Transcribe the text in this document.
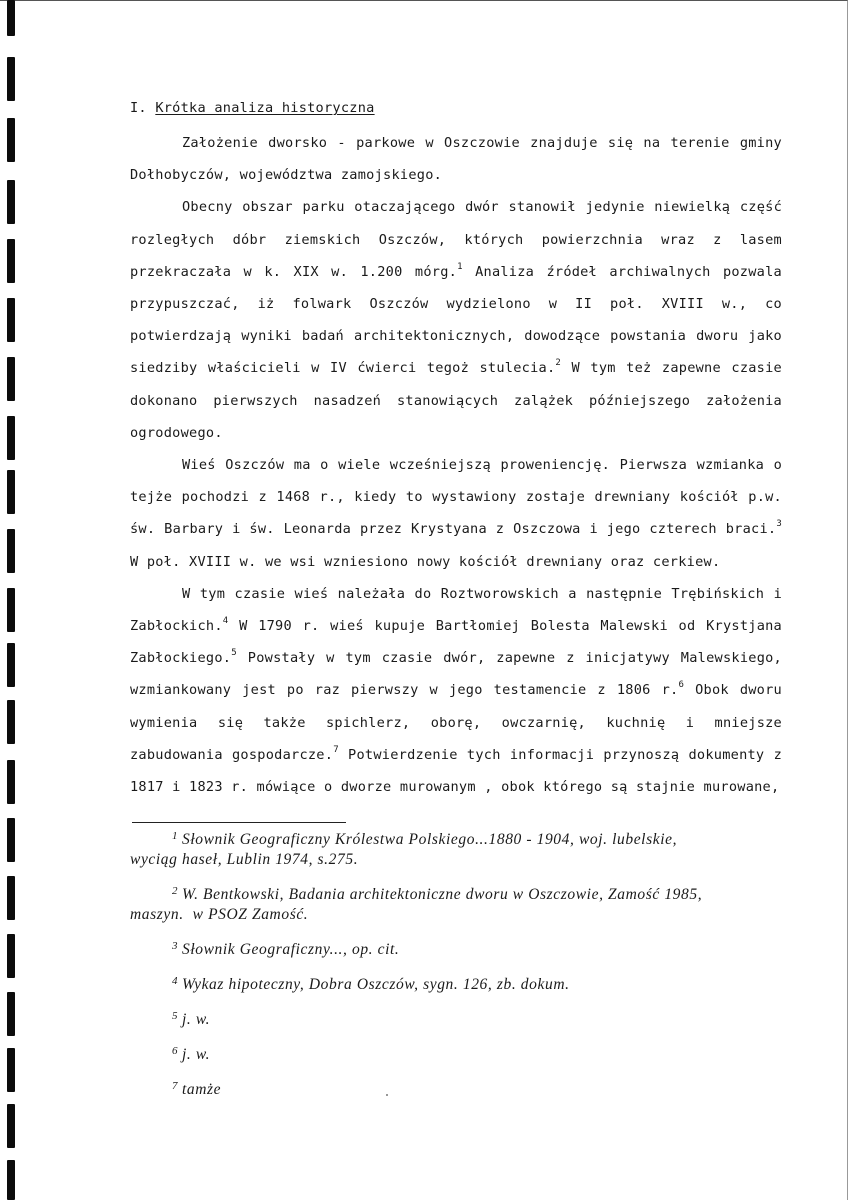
I. Krótka analiza historyczna

Założenie dworsko - parkowe w Oszczowie znajduje się na terenie gminy Dołhobyczów, województwa zamojskiego.

Obecny obszar parku otaczającego dwór stanowił jedynie niewielką część rozległych dóbr ziemskich Oszczów, których powierzchnia wraz z lasem przekraczała w k. XIX w. 1.200 mórg.$^1$ Analiza źródeł archiwalnych pozwala przypuszczać, iż folwark Oszczów wydzielono w II poł. XVIII w., co potwierdzają wyniki badań architektonicznych, dowodzące powstania dworu jako siedziby właścicieli w IV ćwierci tegoż stulecia.$^2$ W tym też zapewne czasie dokonano pierwszych nasadzeń stanowiących zalążek późniejszego założenia ogrodowego.

Wieś Oszczów ma o wiele wcześniejszą proweniencję. Pierwsza wzmianka o tejże pochodzi z 1468 r., kiedy to wystawiony zostaje drewniany kościół p.w. św. Barbary i św. Leonarda przez Krystyana z Oszczowa i jego czterech braci.$^3$ W poł. XVIII w. we wsi wzniesiono nowy kościół drewniany oraz cerkiew.

W tym czasie wieś należała do Roztworowskich a następnie Trębińskich i Zabłockich.$^4$ W 1790 r. wieś kupuje Bartłomiej Bolesta Malewski od Krystjana Zabłockiego.$^5$ Powstały w tym czasie dwór, zapewne z inicjatywy Malewskiego, wzmiankowany jest po raz pierwszy w jego testamencie z 1806 r.$^6$ Obok dworu wymienia się także spichlerz, oborę, owczarnię, kuchnię i mniejsze zabudowania gospodarcze.$^7$ Potwierdzenie tych informacji przynoszą dokumenty z 1817 i 1823 r. mówiące o dworze murowanym , obok którego są stajnie murowane,

1 Słownik Geograficzny Królestwa Polskiego...1880 - 1904, woj. lubelskie,
wyciąg haseł, Lublin 1974, s.275.
2 W. Bentkowski, Badania architektoniczne dworu w Oszczowie, Zamość 1985,
maszyn.  w PSOZ Zamość.
3 Słownik Geograficzny..., op. cit.
4 Wykaz hipoteczny, Dobra Oszczów, sygn. 126, zb. dokum.
5 j. w.
6 j. w.
7 tamże
